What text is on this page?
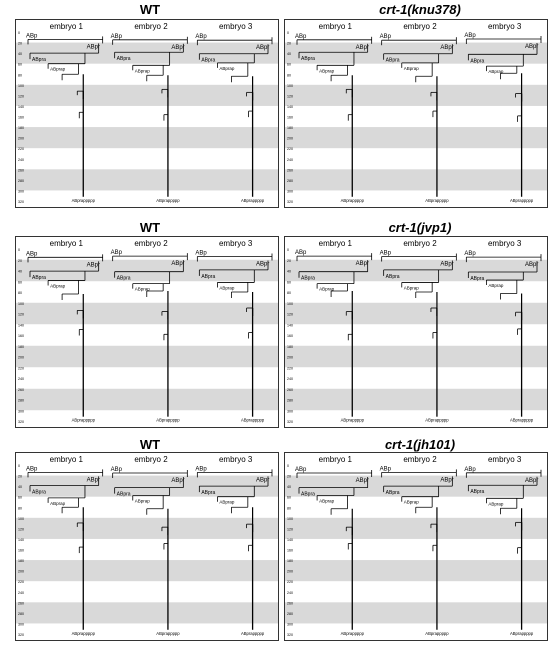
WT	crt-1(knu378)
WT	crt-1(jvp1)
WT	crt-1(jh101)
0
20
40
60
80
100
120
140
160
180
200
220
240
260
280
300
320
embryo 1
ABp
ABpr
ABpra
ABprap
ABprappppp
embryo 2
ABp
ABpr
ABpra
ABprap
ABprappppp
embryo 3
ABp
ABpr
ABpra
ABprap
ABprappppp
0
20
40
60
80
100
120
140
160
180
200
220
240
260
280
300
320
embryo 1
ABp
ABpr
ABpra
ABprap
ABprappppp
embryo 2
ABp
ABpr
ABpra
ABprap
ABprappppp
embryo 3
ABp
ABpr
ABpra
ABprap
ABprappppp
0
20
40
60
80
100
120
140
160
180
200
220
240
260
280
300
320
embryo 1
ABp
ABpr
ABpra
ABprap
ABprappppp
embryo 2
ABp
ABpr
ABpra
ABprap
ABprappppp
embryo 3
ABp
ABpr
ABpra
ABprap
ABprappppp
0
20
40
60
80
100
120
140
160
180
200
220
240
260
280
300
320
embryo 1
ABp
ABpr
ABpra
ABprap
ABprappppp
embryo 2
ABp
ABpr
ABpra
ABprap
ABprappppp
embryo 3
ABp
ABpr
ABpra
ABprap
ABprappppp
0
20
40
60
80
100
120
140
160
180
200
220
240
260
280
300
320
embryo 1
ABp
ABpr
ABpra
ABprap
ABprappppp
embryo 2
ABp
ABpr
ABpra
ABprap
ABprappppp
embryo 3
ABp
ABpr
ABpra
ABprap
ABprappppp
0
20
40
60
80
100
120
140
160
180
200
220
240
260
280
300
320
embryo 1
ABp
ABpr
ABpra
ABprap
ABprappppp
embryo 2
ABp
ABpr
ABpra
ABprap
ABprappppp
embryo 3
ABp
ABpr
ABpra
ABprap
ABprappppp
